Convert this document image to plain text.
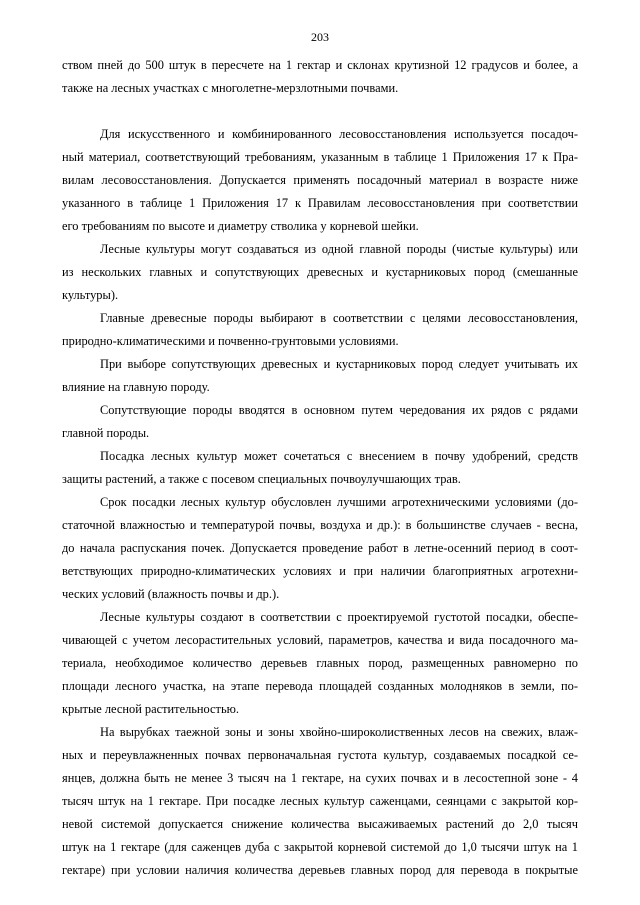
203
ством пней до 500 штук в пересчете на 1 гектар и склонах крутизной 12 градусов и более, а
также на лесных участках с многолетне-мерзлотными почвами.
Для искусственного и комбинированного лесовосстановления используется посадоч-
ный материал, соответствующий требованиям, указанным в таблице 1 Приложения 17 к Пра-
вилам лесовосстановления. Допускается применять посадочный материал в возрасте ниже
указанного в таблице 1 Приложения 17 к Правилам лесовосстановления при соответствии
его требованиям по высоте и диаметру стволика у корневой шейки.
Лесные культуры могут создаваться из одной главной породы (чистые культуры) или
из нескольких главных и сопутствующих древесных и кустарниковых пород (смешанные
культуры).
Главные древесные породы выбирают в соответствии с целями лесовосстановления,
природно-климатическими и почвенно-грунтовыми условиями.
При выборе сопутствующих древесных и кустарниковых пород следует учитывать их
влияние на главную породу.
Сопутствующие породы вводятся в основном путем чередования их рядов с рядами
главной породы.
Посадка лесных культур может сочетаться с внесением в почву удобрений, средств
защиты растений, а также с посевом специальных почвоулучшающих трав.
Срок посадки лесных культур обусловлен лучшими агротехническими условиями (до-
статочной влажностью и температурой почвы, воздуха и др.): в большинстве случаев - весна,
до начала распускания почек. Допускается проведение работ в летне-осенний период в соот-
ветствующих природно-климатических условиях и при наличии благоприятных агротехни-
ческих условий (влажность почвы и др.).
Лесные культуры создают в соответствии с проектируемой густотой посадки, обеспе-
чивающей с учетом лесорастительных условий, параметров, качества и вида посадочного ма-
териала, необходимое количество деревьев главных пород, размещенных равномерно по
площади лесного участка, на этапе перевода площадей созданных молодняков в земли, по-
крытые лесной растительностью.
На вырубках таежной зоны и зоны хвойно-широколиственных лесов на свежих, влаж-
ных и переувлажненных почвах первоначальная густота культур, создаваемых посадкой се-
янцев, должна быть не менее 3 тысяч на 1 гектаре, на сухих почвах и в лесостепной зоне - 4
тысяч штук на 1 гектаре. При посадке лесных культур саженцами, сеянцами с закрытой кор-
невой системой допускается снижение количества высаживаемых растений до 2,0 тысяч
штук на 1 гектаре (для саженцев дуба с закрытой корневой системой до 1,0 тысячи штук на 1
гектаре) при условии наличия количества деревьев главных пород для перевода в покрытые
